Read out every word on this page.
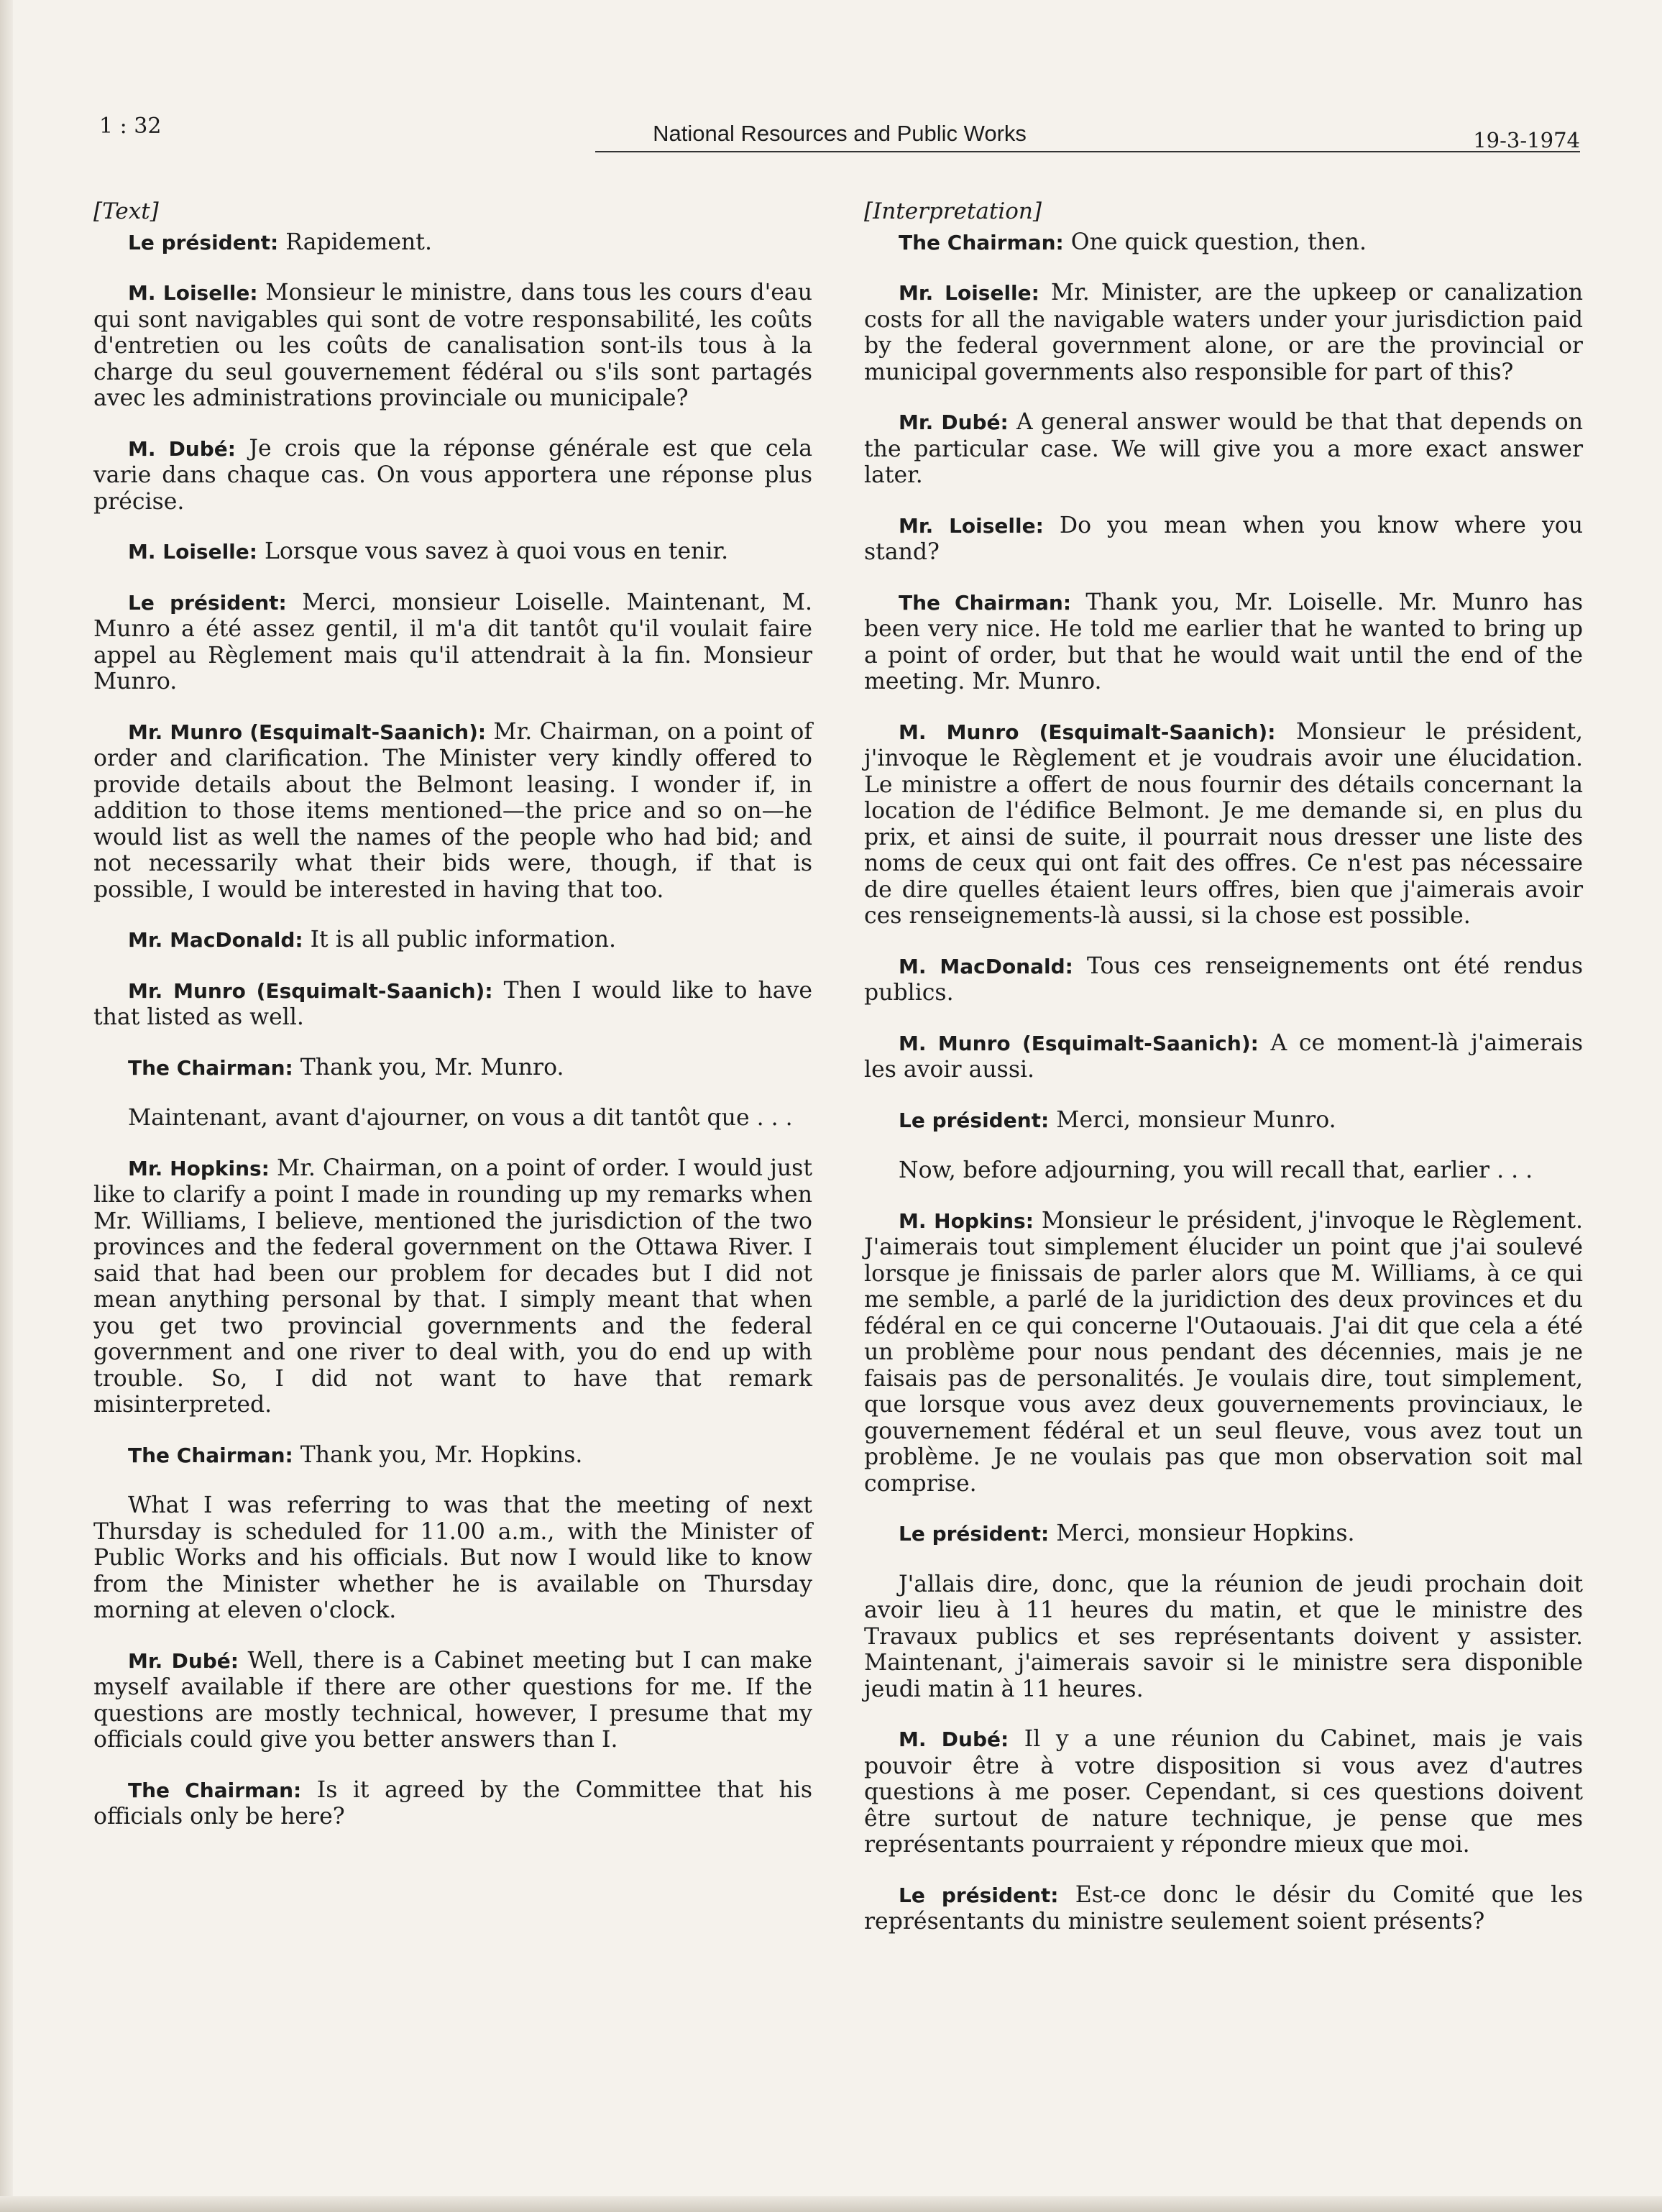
1 : 32	National Resources and Public Works	19-3-1974
[Text]

Le président: Rapidement.

M. Loiselle: Monsieur le ministre, dans tous les cours d'eau qui sont navigables qui sont de votre responsabilité, les coûts d'entretien ou les coûts de canalisation sont-ils tous à la charge du seul gouvernement fédéral ou s'ils sont partagés avec les administrations provinciale ou municipale?

M. Dubé: Je crois que la réponse générale est que cela varie dans chaque cas. On vous apportera une réponse plus précise.

M. Loiselle: Lorsque vous savez à quoi vous en tenir.

Le président: Merci, monsieur Loiselle. Maintenant, M. Munro a été assez gentil, il m'a dit tantôt qu'il voulait faire appel au Règlement mais qu'il attendrait à la fin. Monsieur Munro.

Mr. Munro (Esquimalt-Saanich): Mr. Chairman, on a point of order and clarification. The Minister very kindly offered to provide details about the Belmont leasing. I wonder if, in addition to those items mentioned—the price and so on—he would list as well the names of the people who had bid; and not necessarily what their bids were, though, if that is possible, I would be interested in having that too.

Mr. MacDonald: It is all public information.

Mr. Munro (Esquimalt-Saanich): Then I would like to have that listed as well.

The Chairman: Thank you, Mr. Munro.

Maintenant, avant d'ajourner, on vous a dit tantôt que . . .

Mr. Hopkins: Mr. Chairman, on a point of order. I would just like to clarify a point I made in rounding up my remarks when Mr. Williams, I believe, mentioned the jurisdiction of the two provinces and the federal government on the Ottawa River. I said that had been our problem for decades but I did not mean anything personal by that. I simply meant that when you get two provincial governments and the federal government and one river to deal with, you do end up with trouble. So, I did not want to have that remark misinterpreted.

The Chairman: Thank you, Mr. Hopkins.

What I was referring to was that the meeting of next Thursday is scheduled for 11.00 a.m., with the Minister of Public Works and his officials. But now I would like to know from the Minister whether he is available on Thursday morning at eleven o'clock.

Mr. Dubé: Well, there is a Cabinet meeting but I can make myself available if there are other questions for me. If the questions are mostly technical, however, I presume that my officials could give you better answers than I.

The Chairman: Is it agreed by the Committee that his officials only be here?

[Interpretation]

The Chairman: One quick question, then.

Mr. Loiselle: Mr. Minister, are the upkeep or canalization costs for all the navigable waters under your jurisdiction paid by the federal government alone, or are the provincial or municipal governments also responsible for part of this?

Mr. Dubé: A general answer would be that that depends on the particular case. We will give you a more exact answer later.

Mr. Loiselle: Do you mean when you know where you stand?

The Chairman: Thank you, Mr. Loiselle. Mr. Munro has been very nice. He told me earlier that he wanted to bring up a point of order, but that he would wait until the end of the meeting. Mr. Munro.

M. Munro (Esquimalt-Saanich): Monsieur le président, j'invoque le Règlement et je voudrais avoir une élucidation. Le ministre a offert de nous fournir des détails concernant la location de l'édifice Belmont. Je me demande si, en plus du prix, et ainsi de suite, il pourrait nous dresser une liste des noms de ceux qui ont fait des offres. Ce n'est pas nécessaire de dire quelles étaient leurs offres, bien que j'aimerais avoir ces renseignements-là aussi, si la chose est possible.

M. MacDonald: Tous ces renseignements ont été rendus publics.

M. Munro (Esquimalt-Saanich): A ce moment-là j'aimerais les avoir aussi.

Le président: Merci, monsieur Munro.

Now, before adjourning, you will recall that, earlier . . .

M. Hopkins: Monsieur le président, j'invoque le Règlement. J'aimerais tout simplement élucider un point que j'ai soulevé lorsque je finissais de parler alors que M. Williams, à ce qui me semble, a parlé de la juridiction des deux provinces et du fédéral en ce qui concerne l'Outaouais. J'ai dit que cela a été un problème pour nous pendant des décennies, mais je ne faisais pas de personalités. Je voulais dire, tout simplement, que lorsque vous avez deux gouvernements provinciaux, le gouvernement fédéral et un seul fleuve, vous avez tout un problème. Je ne voulais pas que mon observation soit mal comprise.

Le président: Merci, monsieur Hopkins.

J'allais dire, donc, que la réunion de jeudi prochain doit avoir lieu à 11 heures du matin, et que le ministre des Travaux publics et ses représentants doivent y assister. Maintenant, j'aimerais savoir si le ministre sera disponible jeudi matin à 11 heures.

M. Dubé: Il y a une réunion du Cabinet, mais je vais pouvoir être à votre disposition si vous avez d'autres questions à me poser. Cependant, si ces questions doivent être surtout de nature technique, je pense que mes représentants pourraient y répondre mieux que moi.

Le président: Est-ce donc le désir du Comité que les représentants du ministre seulement soient présents?
